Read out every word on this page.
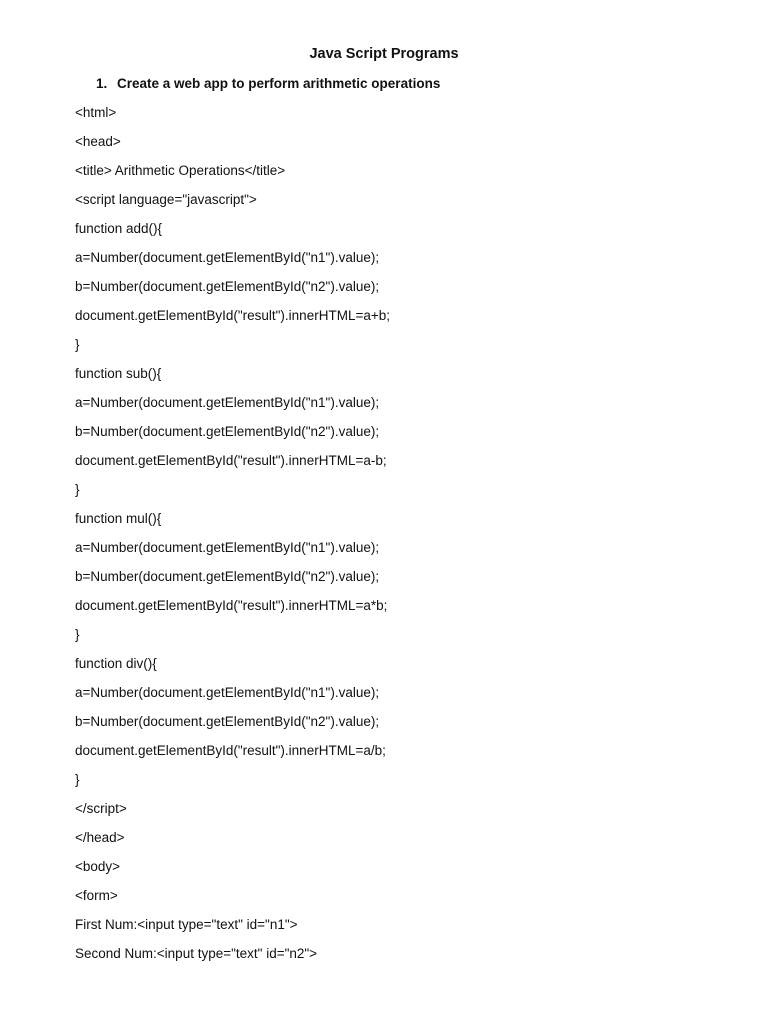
Java Script Programs
1. Create a web app to perform arithmetic operations
<html>
<head>
<title> Arithmetic Operations</title>
<script language="javascript">
function add(){
a=Number(document.getElementById("n1").value);
b=Number(document.getElementById("n2").value);
document.getElementById("result").innerHTML=a+b;
}
function sub(){
a=Number(document.getElementById("n1").value);
b=Number(document.getElementById("n2").value);
document.getElementById("result").innerHTML=a-b;
}
function mul(){
a=Number(document.getElementById("n1").value);
b=Number(document.getElementById("n2").value);
document.getElementById("result").innerHTML=a*b;
}
function div(){
a=Number(document.getElementById("n1").value);
b=Number(document.getElementById("n2").value);
document.getElementById("result").innerHTML=a/b;
}
</script>
</head>
<body>
<form>
First Num:<input type="text" id="n1">
Second Num:<input type="text" id="n2">
